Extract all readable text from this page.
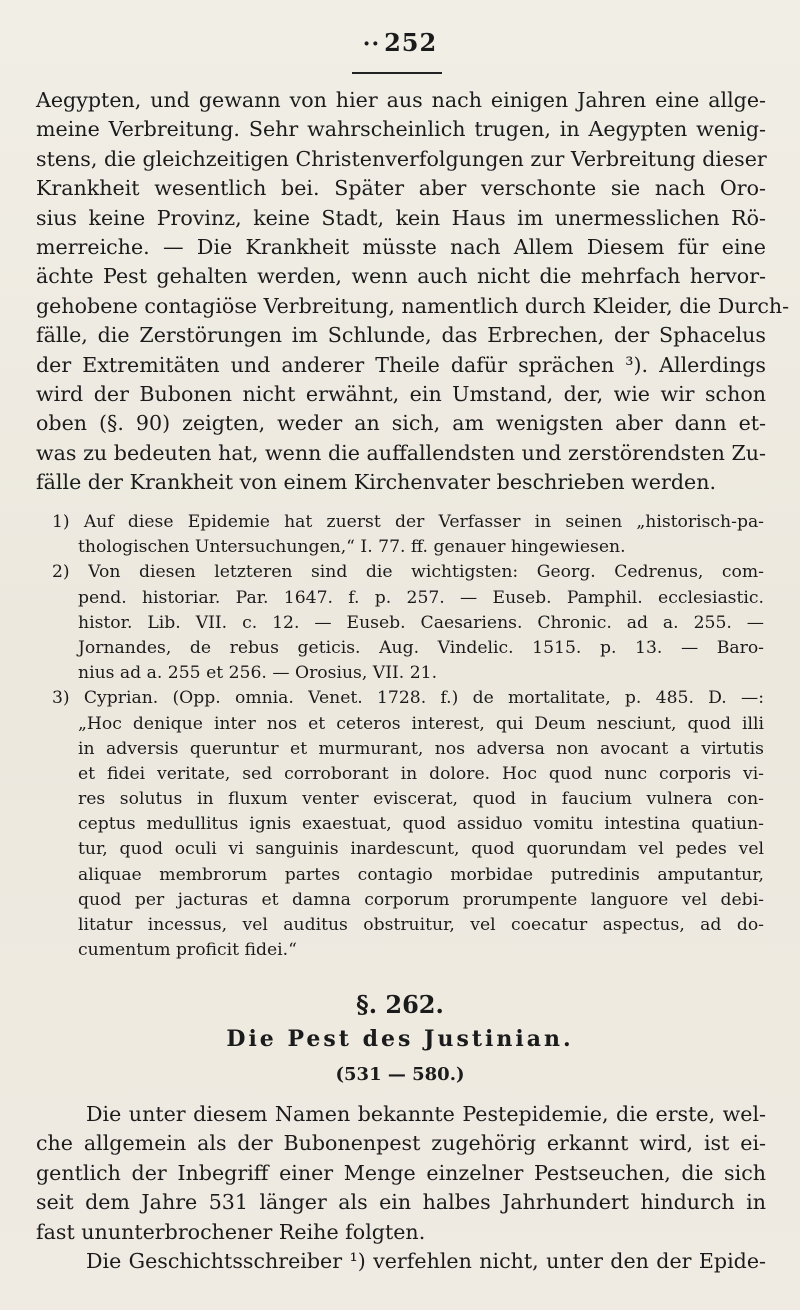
·· 252
Aegypten, und gewann von hier aus nach einigen Jahren eine allge-
meine Verbreitung. Sehr wahrscheinlich trugen, in Aegypten wenig-
stens, die gleichzeitigen Christenverfolgungen zur Verbreitung dieser
Krankheit wesentlich bei. Später aber verschonte sie nach Oro-
sius keine Provinz, keine Stadt, kein Haus im unermesslichen Rö-
merreiche. — Die Krankheit müsste nach Allem Diesem für eine
ächte Pest gehalten werden, wenn auch nicht die mehrfach hervor-
gehobene contagiöse Verbreitung, namentlich durch Kleider, die Durch-
fälle, die Zerstörungen im Schlunde, das Erbrechen, der Sphacelus
der Extremitäten und anderer Theile dafür sprächen ³). Allerdings
wird der Bubonen nicht erwähnt, ein Umstand, der, wie wir schon
oben (§. 90) zeigten, weder an sich, am wenigsten aber dann et-
was zu bedeuten hat, wenn die auffallendsten und zerstörendsten Zu-
fälle der Krankheit von einem Kirchenvater beschrieben werden.
1) Auf diese Epidemie hat zuerst der Verfasser in seinen „historisch-pa-
thologischen Untersuchungen,“ I. 77. ff. genauer hingewiesen.
2) Von diesen letzteren sind die wichtigsten: Georg. Cedrenus, com-
pend. historiar. Par. 1647. f. p. 257. — Euseb. Pamphil. ecclesiastic.
histor. Lib. VII. c. 12. — Euseb. Caesariens. Chronic. ad a. 255. —
Jornandes, de rebus geticis. Aug. Vindelic. 1515. p. 13. — Baro-
nius ad a. 255 et 256. — Orosius, VII. 21.
3) Cyprian. (Opp. omnia. Venet. 1728. f.) de mortalitate, p. 485. D. —:
„Hoc denique inter nos et ceteros interest, qui Deum nesciunt, quod illi
in adversis queruntur et murmurant, nos adversa non avocant a virtutis
et fidei veritate, sed corroborant in dolore. Hoc quod nunc corporis vi-
res solutus in fluxum venter eviscerat, quod in faucium vulnera con-
ceptus medullitus ignis exaestuat, quod assiduo vomitu intestina quatiun-
tur, quod oculi vi sanguinis inardescunt, quod quorundam vel pedes vel
aliquae membrorum partes contagio morbidae putredinis amputantur,
quod per jacturas et damna corporum prorumpente languore vel debi-
litatur incessus, vel auditus obstruitur, vel coecatur aspectus, ad do-
cumentum proficit fidei.“
§. 262.
Die Pest des Justinian.
(531 — 580.)
Die unter diesem Namen bekannte Pestepidemie, die erste, wel-
che allgemein als der Bubonenpest zugehörig erkannt wird, ist ei-
gentlich der Inbegriff einer Menge einzelner Pestseuchen, die sich
seit dem Jahre 531 länger als ein halbes Jahrhundert hindurch in
fast ununterbrochener Reihe folgten.
Die Geschichtsschreiber ¹) verfehlen nicht, unter den der Epide-
